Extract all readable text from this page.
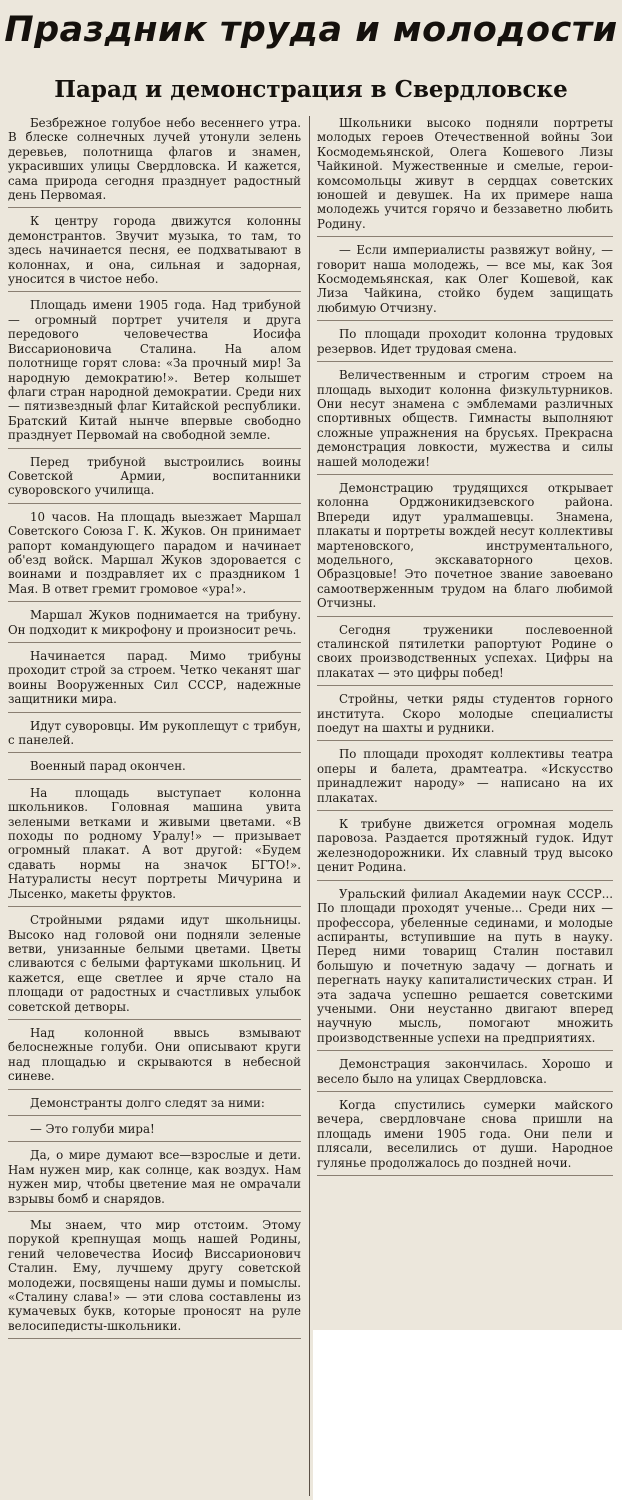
Праздник труда и молодости
Парад и демонстрация в Свердловске

Безбрежное голубое небо весеннего утра. В блеске солнечных лучей утонули зелень деревьев, полотнища флагов и знамен, украсивших улицы Свердловска. И кажется, сама природа сегодня празднует радостный день Первомая.

К центру города движутся колонны демонстрантов. Звучит музыка, то там, то здесь начинается песня, ее подхватывают в колоннах, и она, сильная и задорная, уносится в чистое небо.

Площадь имени 1905 года. Над трибуной — огромный портрет учителя и друга передового человечества Иосифа Виссарионовича Сталина. На алом полотнище горят слова: «За прочный мир! За народную демократию!». Ветер колышет флаги стран народной демократии. Среди них — пятизвездный флаг Китайской республики. Братский Китай нынче впервые свободно празднует Первомай на свободной земле.

Перед трибуной выстроились воины Советской Армии, воспитанники суворовского училища.

10 часов. На площадь выезжает Маршал Советского Союза Г. К. Жуков. Он принимает рапорт командующего парадом и начинает об'езд войск. Маршал Жуков здоровается с воинами и поздравляет их с праздником 1 Мая. В ответ гремит громовое «ура!».

Маршал Жуков поднимается на трибуну. Он подходит к микрофону и произносит речь.

Начинается парад. Мимо трибуны проходит строй за строем. Четко чеканят шаг воины Вооруженных Сил СССР, надежные защитники мира.

Идут суворовцы. Им рукоплещут с трибун, с панелей.

Военный парад окончен.

На площадь выступает колонна школьников. Головная машина увита зелеными ветками и живыми цветами. «В походы по родному Уралу!» — призывает огромный плакат. А вот другой: «Будем сдавать нормы на значок БГТО!». Натуралисты несут портреты Мичурина и Лысенко, макеты фруктов.

Стройными рядами идут школьницы. Высоко над головой они подняли зеленые ветви, унизанные белыми цветами. Цветы сливаются с белыми фартуками школьниц. И кажется, еще светлее и ярче стало на площади от радостных и счастливых улыбок советской детворы.

Над колонной ввысь взмывают белоснежные голуби. Они описывают круги над площадью и скрываются в небесной синеве.

Демонстранты долго следят за ними:

— Это голуби мира!

Да, о мире думают все—взрослые и дети. Нам нужен мир, как солнце, как воздух. Нам нужен мир, чтобы цветение мая не омрачали взрывы бомб и снарядов.

Мы знаем, что мир отстоим. Этому порукой крепнущая мощь нашей Родины, гений человечества Иосиф Виссарионович Сталин. Ему, лучшему другу советской молодежи, посвящены наши думы и помыслы. «Сталину слава!» — эти слова составлены из кумачевых букв, которые проносят на руле велосипедисты-школьники.

Школьники высоко подняли портреты молодых героев Отечественной войны Зои Космодемьянской, Олега Кошевого Лизы Чайкиной. Мужественные и смелые, герои-комсомольцы живут в сердцах советских юношей и девушек. На их примере наша молодежь учится горячо и беззаветно любить Родину.

— Если империалисты развяжут войну, — говорит наша молодежь, — все мы, как Зоя Космодемьянская, как Олег Кошевой, как Лиза Чайкина, стойко будем защищать любимую Отчизну.

По площади проходит колонна трудовых резервов. Идет трудовая смена.

Величественным и строгим строем на площадь выходит колонна физкультурников. Они несут знамена с эмблемами различных спортивных обществ. Гимнасты выполняют сложные упражнения на брусьях. Прекрасна демонстрация ловкости, мужества и силы нашей молодежи!

Демонстрацию трудящихся открывает колонна Орджоникидзевского района. Впереди идут уралмашевцы. Знамена, плакаты и портреты вождей несут коллективы мартеновского, инструментального, модельного, экскаваторного цехов. Образцовые! Это почетное звание завоевано самоотверженным трудом на благо любимой Отчизны.

Сегодня труженики послевоенной сталинской пятилетки рапортуют Родине о своих производственных успехах. Цифры на плакатах — это цифры побед!

Стройны, четки ряды студентов горного института. Скоро молодые специалисты поедут на шахты и рудники.

По площади проходят коллективы театра оперы и балета, драмтеатра. «Искусство принадлежит народу» — написано на их плакатах.

К трибуне движется огромная модель паровоза. Раздается протяжный гудок. Идут железнодорожники. Их славный труд высоко ценит Родина.

Уральский филиал Академии наук СССР... По площади проходят ученые... Среди них — профессора, убеленные сединами, и молодые аспиранты, вступившие на путь в науку. Перед ними товарищ Сталин поставил большую и почетную задачу — догнать и перегнать науку капиталистических стран. И эта задача успешно решается советскими учеными. Они неустанно двигают вперед научную мысль, помогают множить производственные успехи на предприятиях.

Демонстрация закончилась. Хорошо и весело было на улицах Свердловска.

Когда спустились сумерки майского вечера, свердловчане снова пришли на площадь имени 1905 года. Они пели и плясали, веселились от души. Народное гулянье продолжалось до поздней ночи.
